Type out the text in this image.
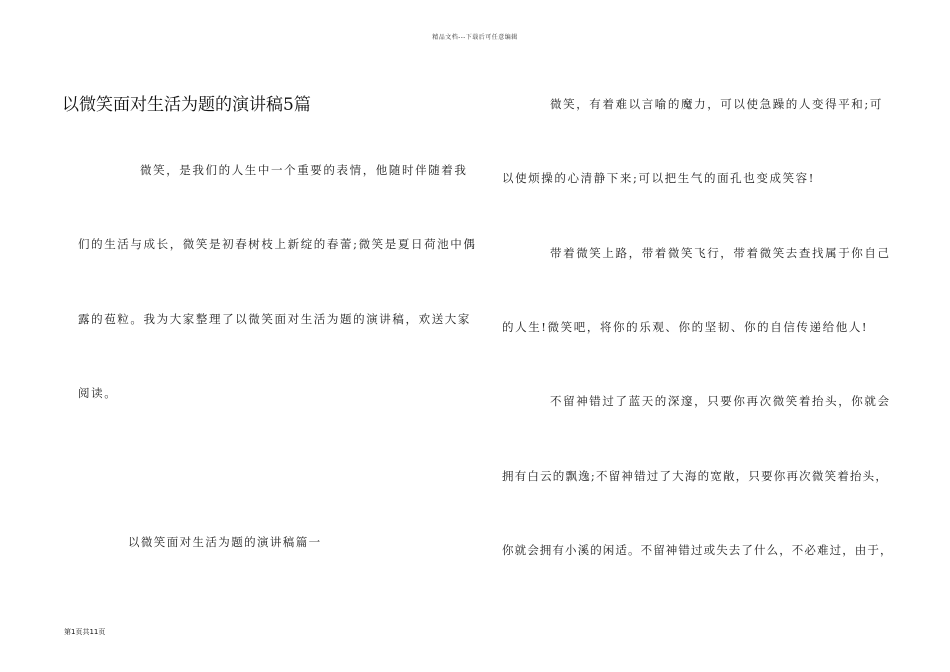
精品文档---下载后可任意编辑
以微笑面对生活为题的演讲稿5篇
微笑，是我们的人生中一个重要的表情，他随时伴随着我
们的生活与成长，微笑是初春树枝上新绽的春蕾;微笑是夏日荷池中偶
露的苞粒。我为大家整理了以微笑面对生活为题的演讲稿，欢送大家
阅读。
以微笑面对生活为题的演讲稿篇一
微笑，有着难以言喻的魔力，可以使急躁的人变得平和;可
以使烦操的心清静下来;可以把生气的面孔也变成笑容!
带着微笑上路，带着微笑飞行，带着微笑去查找属于你自己
的人生!微笑吧，将你的乐观、你的坚韧、你的自信传递给他人!
不留神错过了蓝天的深邃，只要你再次微笑着抬头，你就会
拥有白云的飘逸;不留神错过了大海的宽敞，只要你再次微笑着抬头，
你就会拥有小溪的闲适。不留神错过或失去了什么，不必难过，由于，
第1页共11页
